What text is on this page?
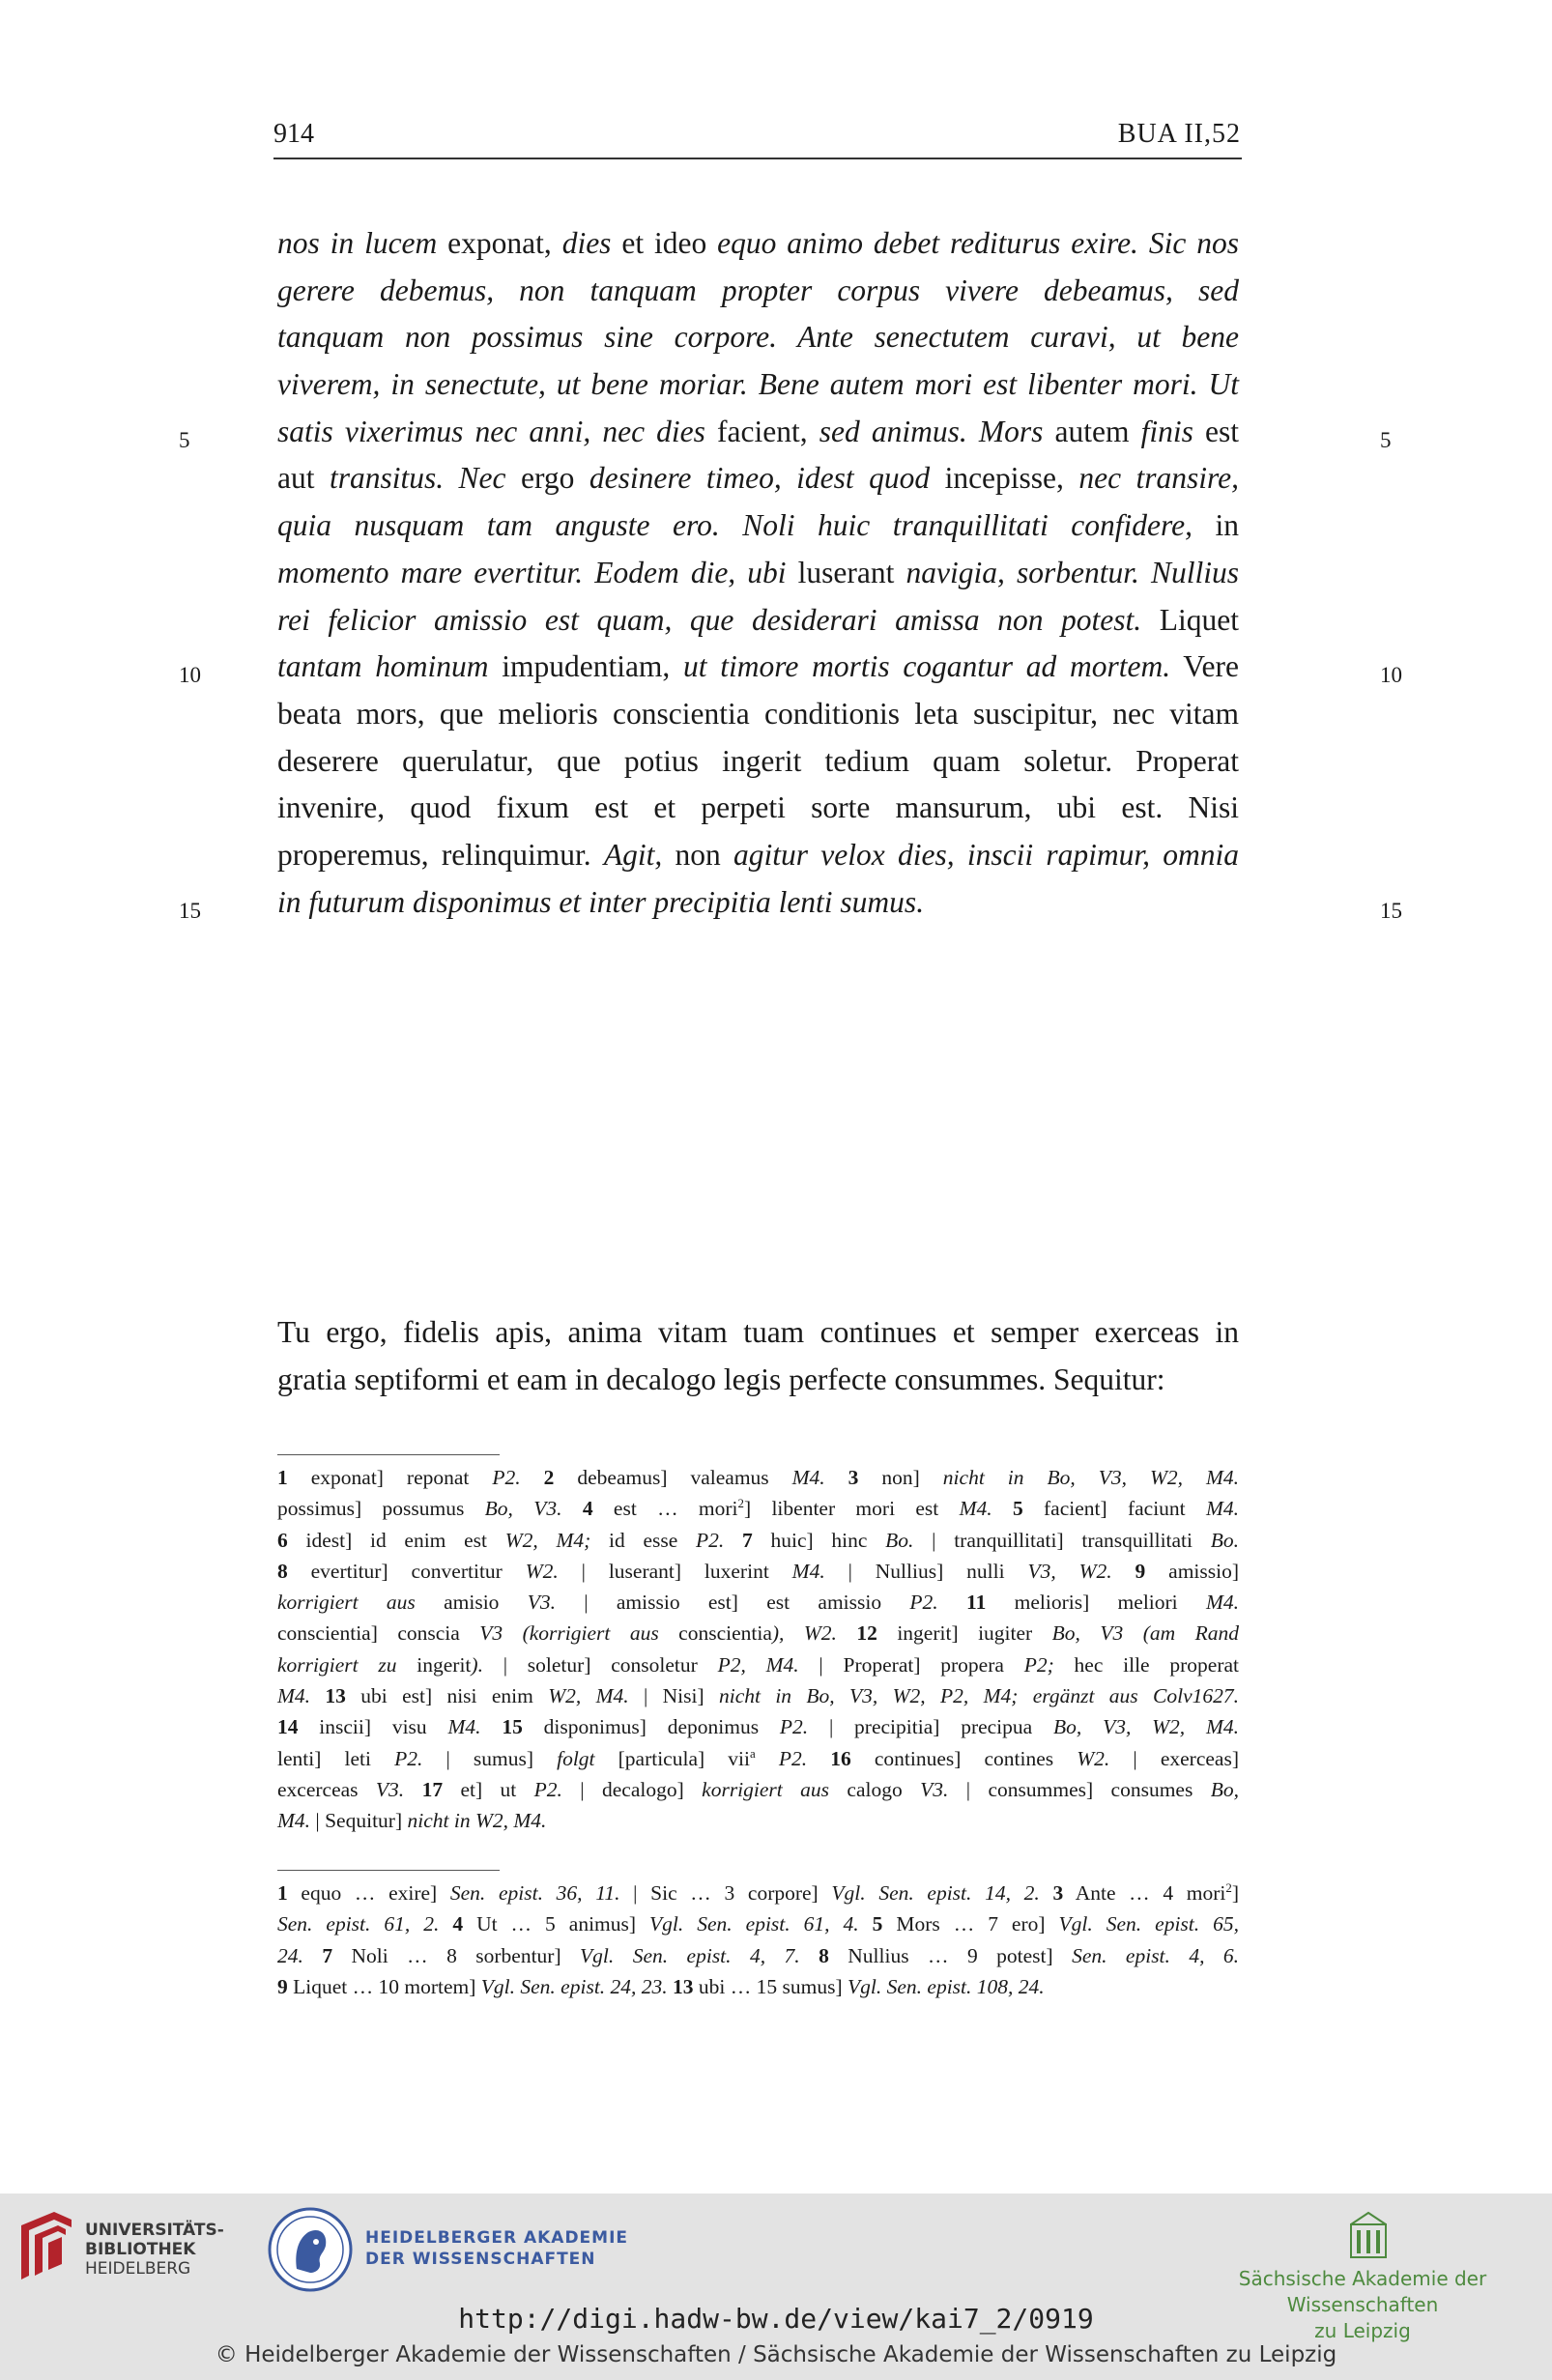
914	BUA II,52
5	5
10	10
15	15
nos in lucem exponat, dies et ideo equo animo debet rediturus exire. Sic nos
gerere debemus, non tanquam propter corpus vivere debeamus, sed
tanquam non possimus sine corpore. Ante senectutem curavi, ut bene
viverem, in senectute, ut bene moriar. Bene autem mori est libenter mori. Ut
satis vixerimus nec anni, nec dies facient, sed animus. Mors autem finis est
aut transitus. Nec ergo desinere timeo, idest quod incepisse, nec transire,
quia nusquam tam anguste ero. Noli huic tranquillitati confidere, in
momento mare evertitur. Eodem die, ubi luserant navigia, sorbentur. Nullius
rei felicior amissio est quam, que desiderari amissa non potest. Liquet
tantam hominum impudentiam, ut timore mortis cogantur ad mortem. Vere
beata mors, que melioris conscientia conditionis leta suscipitur, nec vitam
deserere querulatur, que potius ingerit tedium quam soletur. Properat
invenire, quod fixum est et perpeti sorte mansurum, ubi est. Nisi
properemus, relinquimur. Agit, non agitur velox dies, inscii rapimur, omnia
in futurum disponimus et inter precipitia lenti sumus.
Tu ergo, fidelis apis, anima vitam tuam continues et semper exerceas in
gratia septiformi et eam in decalogo legis perfecte consummes. Sequitur:
1 exponat] reponat P2. 2 debeamus] valeamus M4. 3 non] nicht in Bo, V3, W2, M4.
possimus] possumus Bo, V3. 4 est … mori$^2$] libenter mori est M4. 5 facient] faciunt M4.
6 idest] id enim est W2, M4; id esse P2. 7 huic] hinc Bo. | tranquillitati] transquillitati Bo.
8 evertitur] convertitur W2. | luserant] luxerint M4. | Nullius] nulli V3, W2. 9 amissio]
korrigiert aus amisio V3. | amissio est] est amissio P2. 11 melioris] meliori M4.
conscientia] conscia V3 (korrigiert aus conscientia), W2. 12 ingerit] iugiter Bo, V3 (am Rand
korrigiert zu ingerit). | soletur] consoletur P2, M4. | Properat] propera P2; hec ille properat
M4. 13 ubi est] nisi enim W2, M4. | Nisi] nicht in Bo, V3, W2, P2, M4; ergänzt aus Colv1627.
14 inscii] visu M4. 15 disponimus] deponimus P2. | precipitia] precipua Bo, V3, W2, M4.
lenti] leti P2. | sumus] folgt [particula] vii$^a$ P2. 16 continues] contines W2. | exerceas]
excerceas V3. 17 et] ut P2. | decalogo] korrigiert aus calogo V3. | consummes] consumes Bo,
M4. | Sequitur] nicht in W2, M4.
1 equo … exire] Sen. epist. 36, 11. | Sic … 3 corpore] Vgl. Sen. epist. 14, 2. 3 Ante … 4 mori$^2$]
Sen. epist. 61, 2. 4 Ut … 5 animus] Vgl. Sen. epist. 61, 4. 5 Mors … 7 ero] Vgl. Sen. epist. 65,
24. 7 Noli … 8 sorbentur] Vgl. Sen. epist. 4, 7. 8 Nullius … 9 potest] Sen. epist. 4, 6.
9 Liquet … 10 mortem] Vgl. Sen. epist. 24, 23. 13 ubi … 15 sumus] Vgl. Sen. epist. 108, 24.
UNIVERSITÄTS-
BIBLIOTHEK
HEIDELBERG
HEIDELBERGER AKADEMIE
DER WISSENSCHAFTEN
Sächsische Akademie der Wissenschaften
zu Leipzig
http://digi.hadw-bw.de/view/kai7_2/0919
© Heidelberger Akademie der Wissenschaften / Sächsische Akademie der Wissenschaften zu Leipzig
